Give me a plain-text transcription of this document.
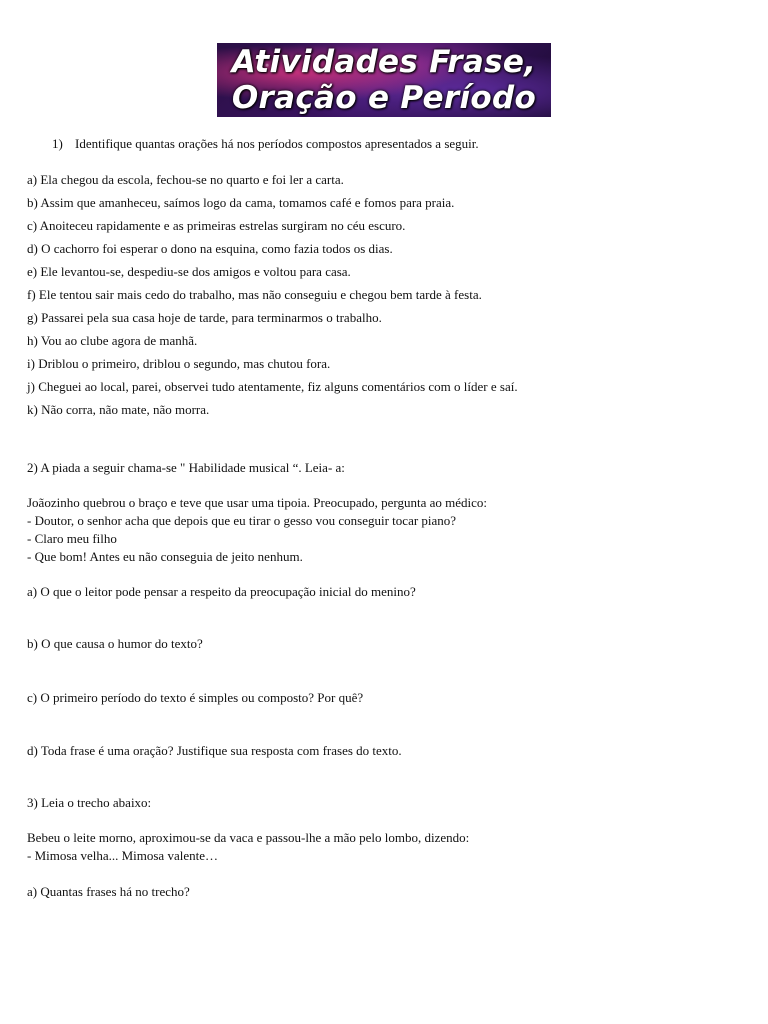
Atividades Frase,
Oração e Período
1) Identifique quantas orações há nos períodos compostos apresentados a seguir.
a) Ela chegou da escola, fechou-se no quarto e foi ler a carta.
b) Assim que amanheceu, saímos logo da cama, tomamos café e fomos para praia.
c) Anoiteceu rapidamente e as primeiras estrelas surgiram no céu escuro.
d) O cachorro foi esperar o dono na esquina, como fazia todos os dias.
e) Ele levantou-se, despediu-se dos amigos e voltou para casa.
f) Ele tentou sair mais cedo do trabalho, mas não conseguiu e chegou bem tarde à festa.
g) Passarei pela sua casa hoje de tarde, para terminarmos o trabalho.
h) Vou ao clube agora de manhã.
i) Driblou o primeiro, driblou o segundo, mas chutou fora.
j) Cheguei ao local, parei, observei tudo atentamente, fiz alguns comentários com o líder e saí.
k) Não corra, não mate, não morra.
2) A piada a seguir chama-se " Habilidade musical “. Leia- a:
Joãozinho quebrou o braço e teve que usar uma tipoia. Preocupado, pergunta ao médico:
- Doutor, o senhor acha que depois que eu tirar o gesso vou conseguir tocar piano?
- Claro meu filho
- Que bom! Antes eu não conseguia de jeito nenhum.
a) O que o leitor pode pensar a respeito da preocupação inicial do menino?
b) O que causa o humor do texto?
c) O primeiro período do texto é simples ou composto? Por quê?
d) Toda frase é uma oração? Justifique sua resposta com frases do texto.
3) Leia o trecho abaixo:
Bebeu o leite morno, aproximou-se da vaca e passou-lhe a mão pelo lombo, dizendo:
- Mimosa velha... Mimosa valente…
a) Quantas frases há no trecho?
